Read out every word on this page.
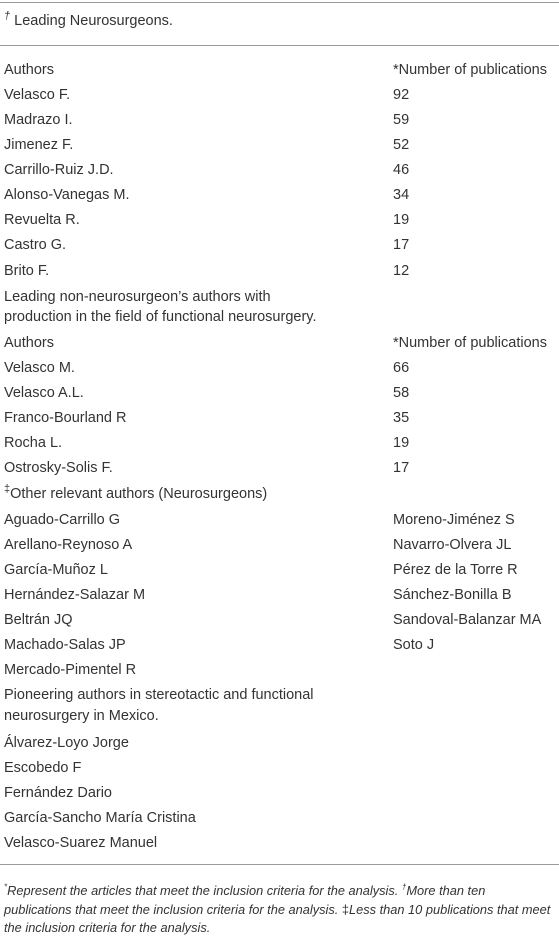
† Leading Neurosurgeons.
Authors	*Number of publications
Velasco F.	92
Madrazo I.	59
Jimenez F.	52
Carrillo-Ruiz J.D.	46
Alonso-Vanegas M.	34
Revuelta R.	19
Castro G.	17
Brito F.	12
Leading non-neurosurgeon’s authors with
production in the field of functional neurosurgery.
Authors	*Number of publications
Velasco M.	66
Velasco A.L.	58
Franco-Bourland R	35
Rocha L.	19
Ostrosky-Solis F.	17
‡Other relevant authors (Neurosurgeons)
Aguado-Carrillo G	Moreno-Jiménez S
Arellano-Reynoso A	Navarro-Olvera JL
García-Muñoz L	Pérez de la Torre R
Hernández-Salazar M	Sánchez-Bonilla B
Beltrán JQ	Sandoval-Balanzar MA
Machado-Salas JP	Soto J
Mercado-Pimentel R
Pioneering authors in stereotactic and functional
neurosurgery in Mexico.
Álvarez-Loyo Jorge
Escobedo F
Fernández Dario
García-Sancho María Cristina
Velasco-Suarez Manuel
*Represent the articles that meet the inclusion criteria for the analysis. †More than ten publications that meet the inclusion criteria for the analysis. ‡Less than 10 publications that meet the inclusion criteria for the analysis.
